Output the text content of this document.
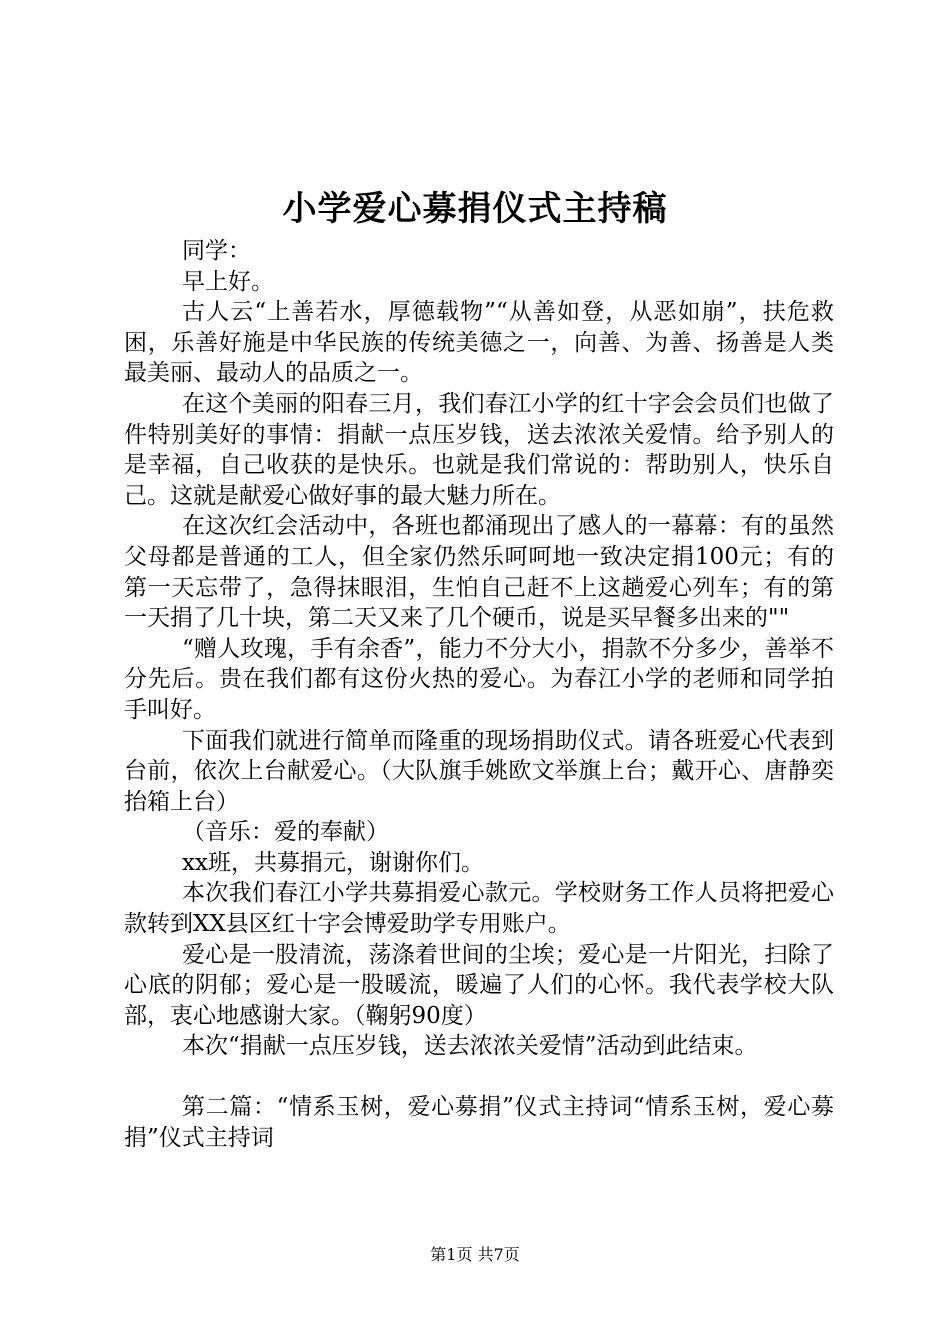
小学爱心募捐仪式主持稿

同学：

早上好。

古人云“上善若水，厚德载物”“从善如登，从恶如崩”，扶危救困，乐善好施是中华民族的传统美德之一，向善、为善、扬善是人类最美丽、最动人的品质之一。

在这个美丽的阳春三月，我们春江小学的红十字会会员们也做了件特别美好的事情：捐献一点压岁钱，送去浓浓关爱情。给予别人的是幸福，自己收获的是快乐。也就是我们常说的：帮助别人，快乐自己。这就是献爱心做好事的最大魅力所在。

在这次红会活动中，各班也都涌现出了感人的一幕幕：有的虽然父母都是普通的工人，但全家仍然乐呵呵地一致决定捐100元；有的第一天忘带了，急得抹眼泪，生怕自己赶不上这趟爱心列车；有的第一天捐了几十块，第二天又来了几个硬币，说是买早餐多出来的""

“赠人玫瑰，手有余香”，能力不分大小，捐款不分多少，善举不分先后。贵在我们都有这份火热的爱心。为春江小学的老师和同学拍手叫好。

下面我们就进行简单而隆重的现场捐助仪式。请各班爱心代表到台前，依次上台献爱心。（大队旗手姚欧文举旗上台；戴开心、唐静奕抬箱上台）

（音乐：爱的奉献）

xx班，共募捐元，谢谢你们。

本次我们春江小学共募捐爱心款元。学校财务工作人员将把爱心款转到XX县区红十字会博爱助学专用账户。

爱心是一股清流，荡涤着世间的尘埃；爱心是一片阳光，扫除了心底的阴郁；爱心是一股暖流，暖遍了人们的心怀。我代表学校大队部，衷心地感谢大家。（鞠躬90度）

本次“捐献一点压岁钱，送去浓浓关爱情”活动到此结束。

第二篇：“情系玉树，爱心募捐”仪式主持词“情系玉树，爱心募捐”仪式主持词

第1页 共7页
